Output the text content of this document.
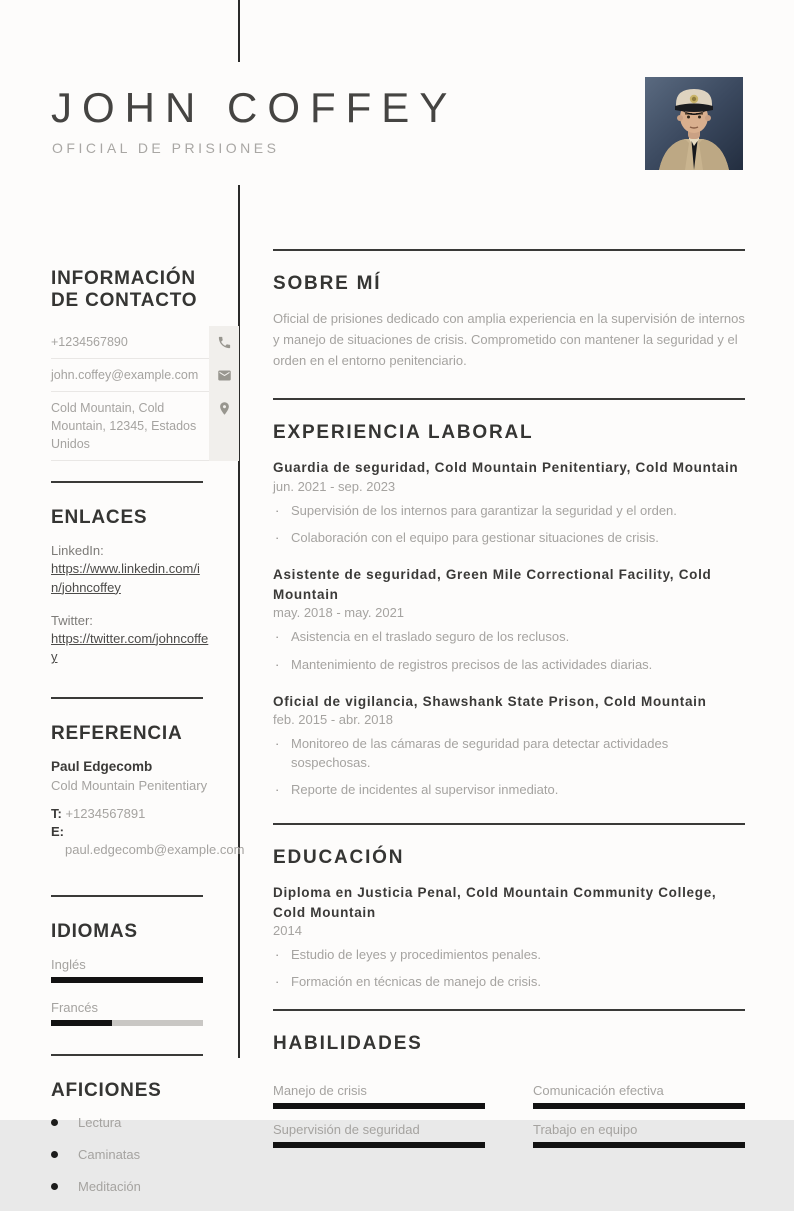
JOHN COFFEY
OFICIAL DE PRISIONES
INFORMACIÓN DE CONTACTO
+1234567890
john.coffey@example.com
Cold Mountain, Cold Mountain, 12345, Estados Unidos
ENLACES
LinkedIn:
https://www.linkedin.com/in/johncoffey
Twitter:
https://twitter.com/johncoffey
REFERENCIA
Paul Edgecomb
Cold Mountain Penitentiary
T: +1234567891
E: paul.edgecomb@example.com
IDIOMAS
Inglés
Francés
AFICIONES
Lectura
Caminatas
Meditación
SOBRE MÍ
Oficial de prisiones dedicado con amplia experiencia en la supervisión de internos y manejo de situaciones de crisis. Comprometido con mantener la seguridad y el orden en el entorno penitenciario.
EXPERIENCIA LABORAL
Guardia de seguridad, Cold Mountain Penitentiary, Cold Mountain
jun. 2021 - sep. 2023
· Supervisión de los internos para garantizar la seguridad y el orden.
· Colaboración con el equipo para gestionar situaciones de crisis.
Asistente de seguridad, Green Mile Correctional Facility, Cold Mountain
may. 2018 - may. 2021
· Asistencia en el traslado seguro de los reclusos.
· Mantenimiento de registros precisos de las actividades diarias.
Oficial de vigilancia, Shawshank State Prison, Cold Mountain
feb. 2015 - abr. 2018
· Monitoreo de las cámaras de seguridad para detectar actividades sospechosas.
· Reporte de incidentes al supervisor inmediato.
EDUCACIÓN
Diploma en Justicia Penal, Cold Mountain Community College, Cold Mountain
2014
· Estudio de leyes y procedimientos penales.
· Formación en técnicas de manejo de crisis.
HABILIDADES
Manejo de crisis	Comunicación efectiva
Supervisión de seguridad	Trabajo en equipo
